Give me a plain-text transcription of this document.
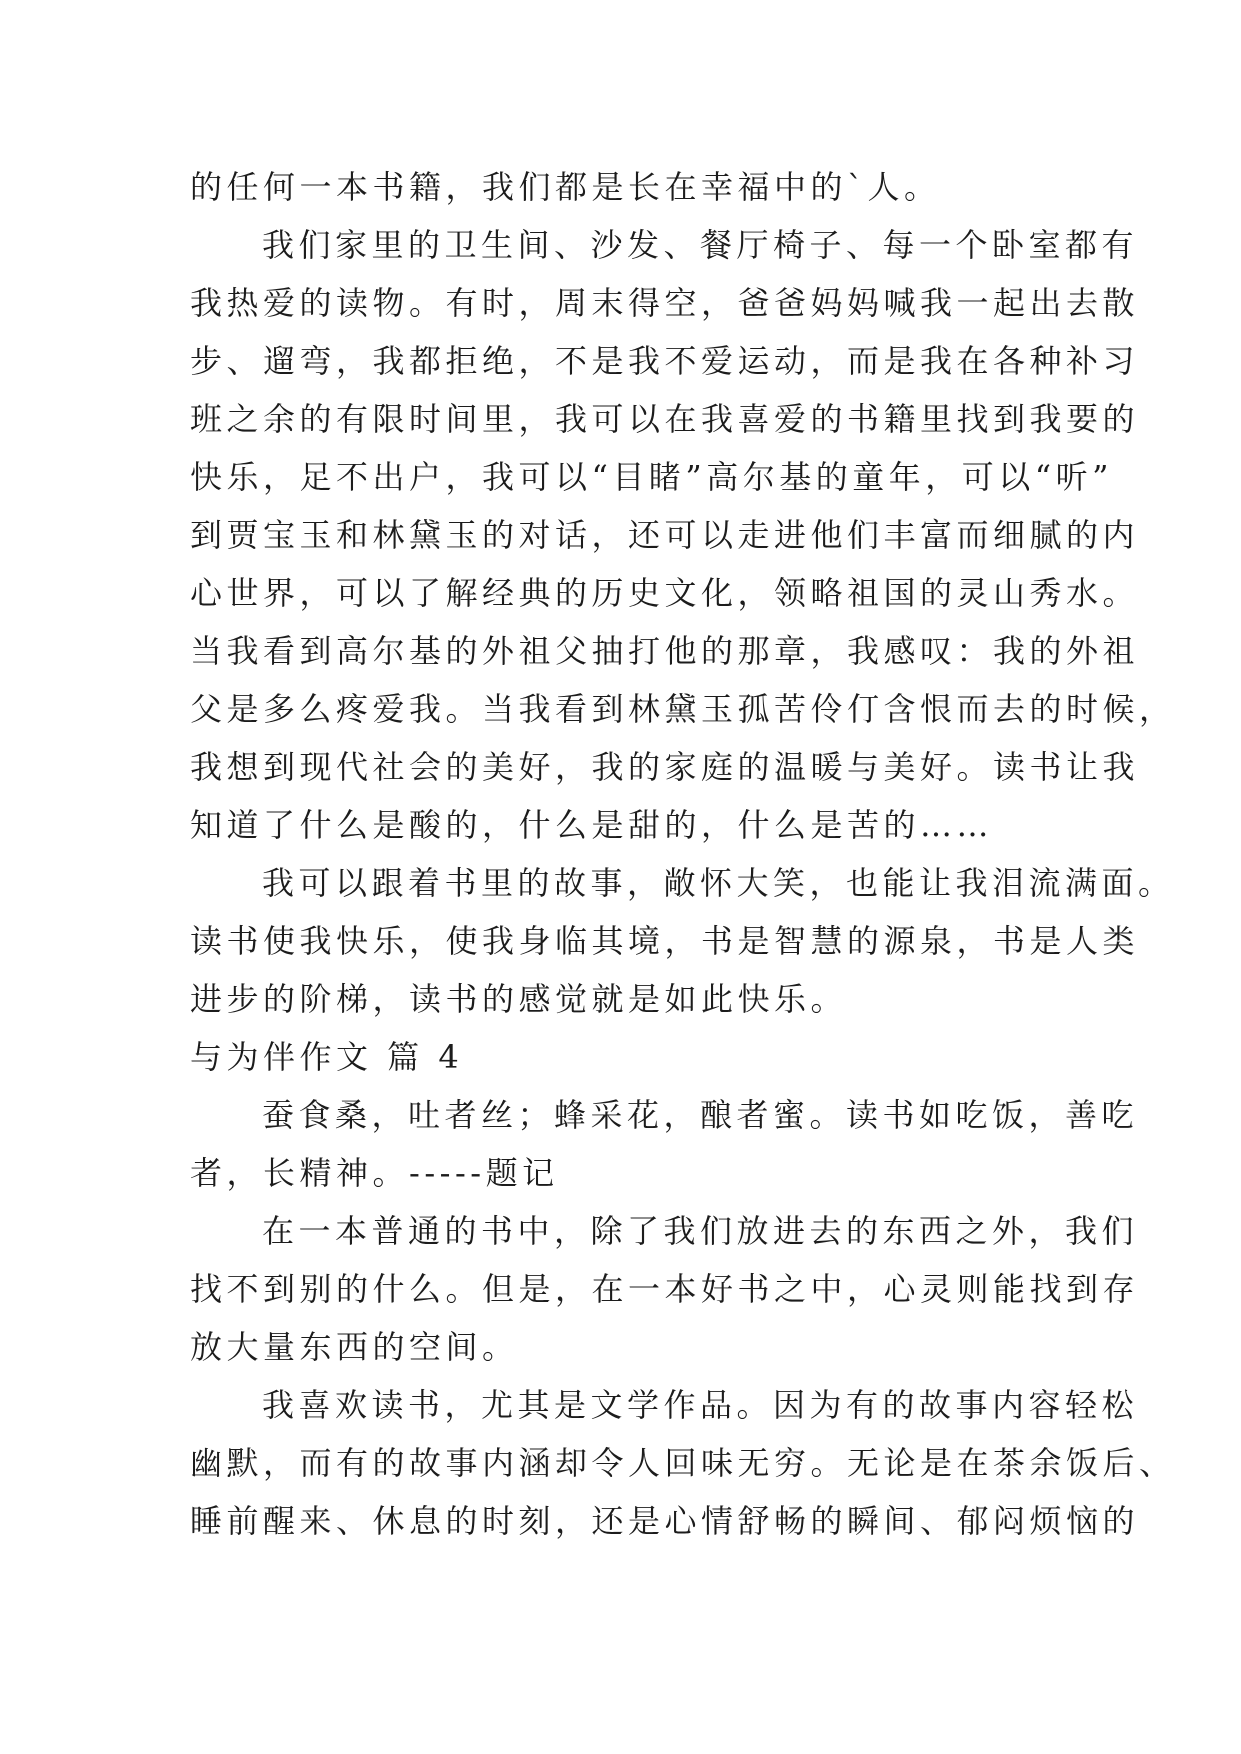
的任何一本书籍，我们都是长在幸福中的`人。
我们家里的卫生间、沙发、餐厅椅子、每一个卧室都有
我热爱的读物。有时，周末得空，爸爸妈妈喊我一起出去散
步、遛弯，我都拒绝，不是我不爱运动，而是我在各种补习
班之余的有限时间里，我可以在我喜爱的书籍里找到我要的
快乐，足不出户，我可以“目睹”高尔基的童年，可以“听”
到贾宝玉和林黛玉的对话，还可以走进他们丰富而细腻的内
心世界，可以了解经典的历史文化，领略祖国的灵山秀水。
当我看到高尔基的外祖父抽打他的那章，我感叹：我的外祖
父是多么疼爱我。当我看到林黛玉孤苦伶仃含恨而去的时候，
我想到现代社会的美好，我的家庭的温暖与美好。读书让我
知道了什么是酸的，什么是甜的，什么是苦的……
我可以跟着书里的故事，敞怀大笑，也能让我泪流满面。
读书使我快乐，使我身临其境，书是智慧的源泉，书是人类
进步的阶梯，读书的感觉就是如此快乐。
与为伴作文 篇 4
蚕食桑，吐者丝；蜂采花，酿者蜜。读书如吃饭，善吃
者，长精神。-----题记
在一本普通的书中，除了我们放进去的东西之外，我们
找不到别的什么。但是，在一本好书之中，心灵则能找到存
放大量东西的空间。
我喜欢读书，尤其是文学作品。因为有的故事内容轻松
幽默，而有的故事内涵却令人回味无穷。无论是在茶余饭后、
睡前醒来、休息的时刻，还是心情舒畅的瞬间、郁闷烦恼的
